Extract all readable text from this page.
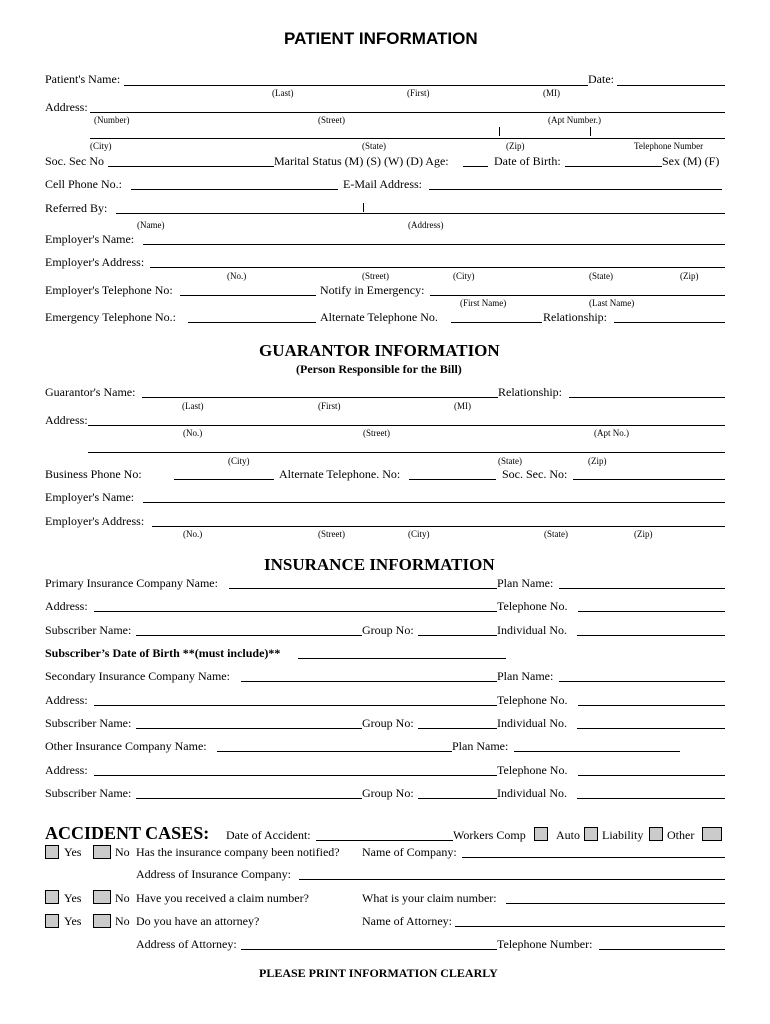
PATIENT INFORMATION
Patient's Name:	Date:
(Last)	(First)	(MI)
Address:
(Number)	(Street)	(Apt Number.)
(City)	(State)	(Zip)	Telephone Number
Soc. Sec No	Marital Status (M) (S) (W) (D) Age:	Date of Birth:	Sex (M) (F)
Cell Phone No.:	E-Mail Address:
Referred By:
(Name)	(Address)
Employer's Name:
Employer's Address:
(No.)	(Street)	(City)	(State)	(Zip)
Employer's Telephone No:	Notify in Emergency:
(First Name)	(Last Name)
Emergency Telephone No.:	Alternate Telephone No.	Relationship:
GUARANTOR INFORMATION
(Person Responsible for the Bill)
Guarantor's Name:	Relationship:
(Last)	(First)	(MI)
Address:
(No.)	(Street)	(Apt No.)
(City)	(State)	(Zip)
Business Phone No:	Alternate Telephone. No:	Soc. Sec. No:
Employer's Name:
Employer's Address:
(No.)	(Street)	(City)	(State)	(Zip)
INSURANCE INFORMATION
Primary Insurance Company Name:	Plan Name:
Address:	Telephone No.
Subscriber Name:	Group No:	Individual No.
Subscriber’s Date of Birth **(must include)**
Secondary Insurance Company Name:	Plan Name:
Address:	Telephone No.
Subscriber Name:	Group No:	Individual No.
Other Insurance Company Name:	Plan Name:
Address:	Telephone No.
Subscriber Name:	Group No:	Individual No.
ACCIDENT CASES: Date of Accident:	Workers Comp	Auto Liability Other
Yes	No Has the insurance company been notified? Name of Company:
Address of Insurance Company:
Yes	No Have you received a claim number?	What is your claim number:
Yes	No Do you have an attorney?	Name of Attorney:
Address of Attorney:	Telephone Number:
PLEASE PRINT INFORMATION CLEARLY
